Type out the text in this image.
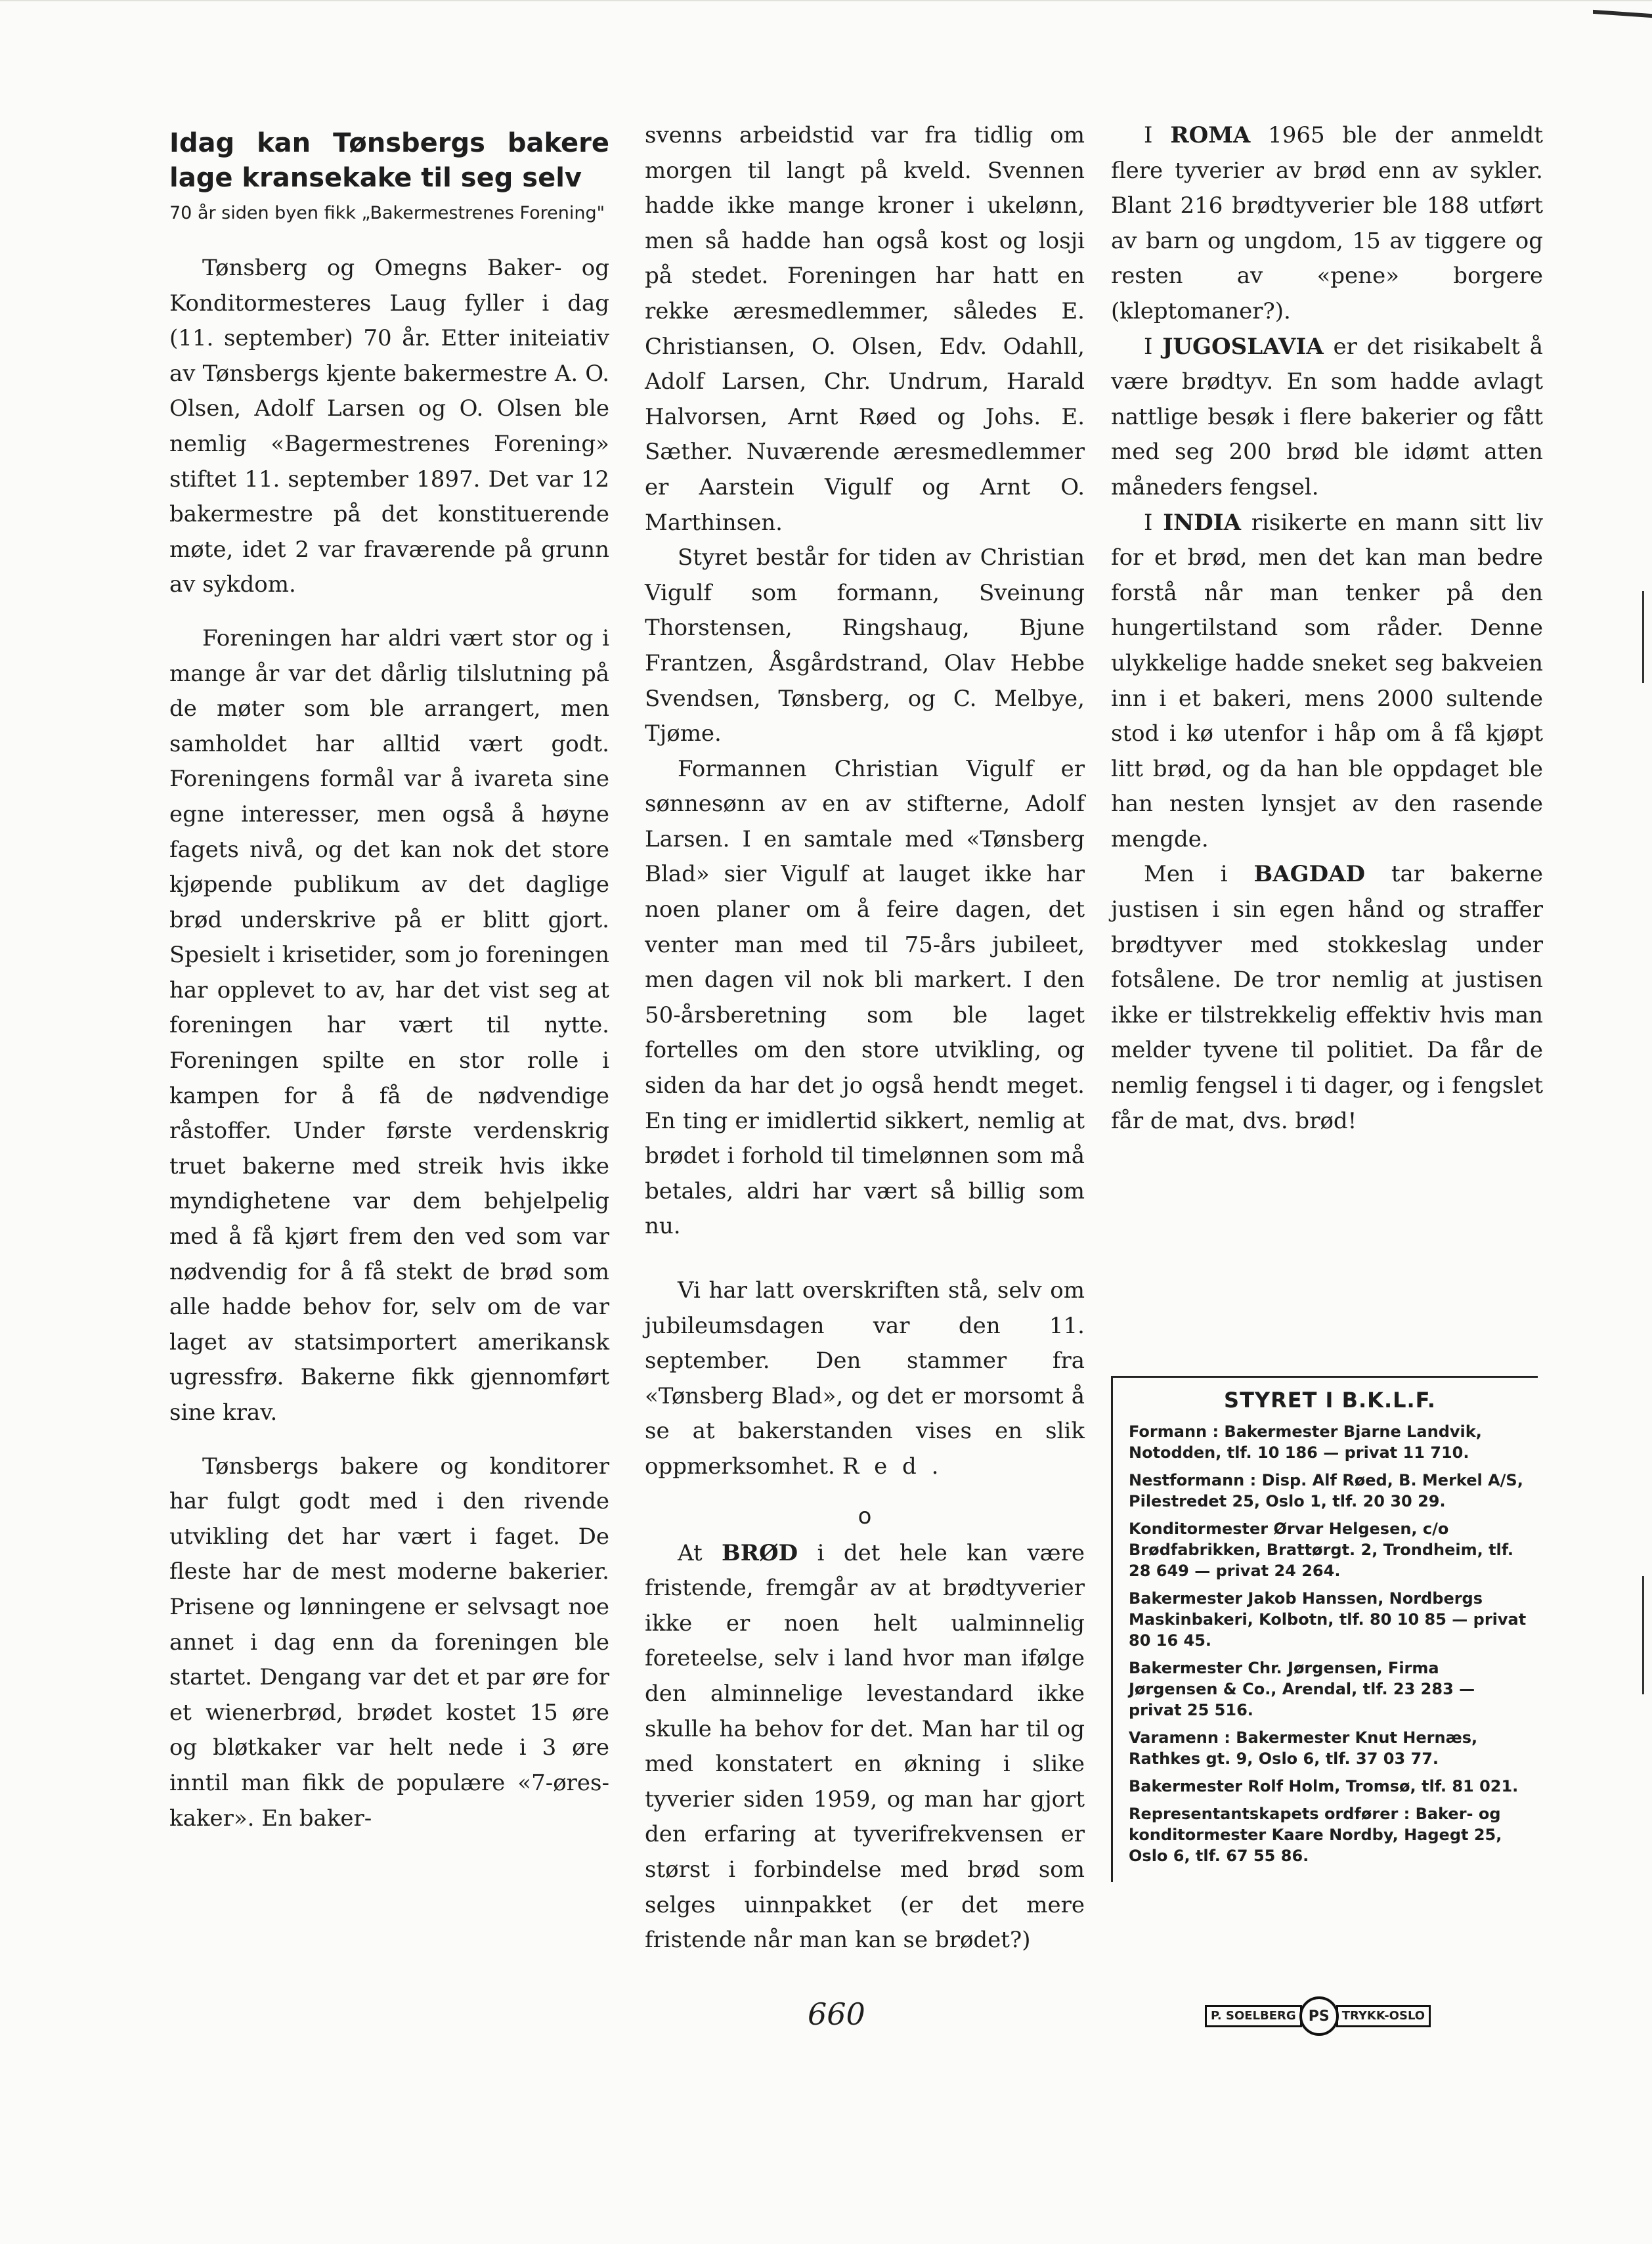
Idag kan Tønsbergs bakere lage kransekake til seg selv
70 år siden byen fikk „Bakermestrenes Forening"

Tønsberg og Omegns Baker- og Konditormesteres Laug fyller i dag (11. september) 70 år. Etter initeiativ av Tønsbergs kjente bakermestre A. O. Olsen, Adolf Larsen og O. Olsen ble nemlig «Bagermestrenes Forening» stiftet 11. september 1897. Det var 12 bakermestre på det konstituerende møte, idet 2 var fraværende på grunn av sykdom.

Foreningen har aldri vært stor og i mange år var det dårlig tilslutning på de møter som ble arrangert, men samholdet har alltid vært godt. Foreningens formål var å ivareta sine egne interesser, men også å høyne fagets nivå, og det kan nok det store kjøpende publikum av det daglige brød underskrive på er blitt gjort. Spesielt i krisetider, som jo foreningen har opplevet to av, har det vist seg at foreningen har vært til nytte. Foreningen spilte en stor rolle i kampen for å få de nødvendige råstoffer. Under første verdenskrig truet bakerne med streik hvis ikke myndighetene var dem behjelpelig med å få kjørt frem den ved som var nødvendig for å få stekt de brød som alle hadde behov for, selv om de var laget av statsimportert amerikansk ugressfrø. Bakerne fikk gjennomført sine krav.

Tønsbergs bakere og konditorer har fulgt godt med i den rivende utvikling det har vært i faget. De fleste har de mest moderne bakerier. Prisene og lønningene er selvsagt noe annet i dag enn da foreningen ble startet. Dengang var det et par øre for et wienerbrød, brødet kostet 15 øre og bløtkaker var helt nede i 3 øre inntil man fikk de populære «7-øres-kaker». En baker-

svenns arbeidstid var fra tidlig om morgen til langt på kveld. Svennen hadde ikke mange kroner i ukelønn, men så hadde han også kost og losji på stedet. Foreningen har hatt en rekke æresmedlemmer, således E. Christiansen, O. Olsen, Edv. Odahll, Adolf Larsen, Chr. Undrum, Harald Halvorsen, Arnt Røed og Johs. E. Sæther. Nuværende æresmedlemmer er Aarstein Vigulf og Arnt O. Marthinsen.

Styret består for tiden av Christian Vigulf som formann, Sveinung Thorstensen, Ringshaug, Bjune Frantzen, Åsgårdstrand, Olav Hebbe Svendsen, Tønsberg, og C. Melbye, Tjøme.

Formannen Christian Vigulf er sønnesønn av en av stifterne, Adolf Larsen. I en samtale med «Tønsberg Blad» sier Vigulf at lauget ikke har noen planer om å feire dagen, det venter man med til 75-års jubileet, men dagen vil nok bli markert. I den 50-årsberetning som ble laget fortelles om den store utvikling, og siden da har det jo også hendt meget. En ting er imidlertid sikkert, nemlig at brødet i forhold til timelønnen som må betales, aldri har vært så billig som nu.

Vi har latt overskriften stå, selv om jubileumsdagen var den 11. september. Den stammer fra «Tønsberg Blad», og det er morsomt å se at bakerstanden vises en slik oppmerksomhet. R e d .

o

At BRØD i det hele kan være fristende, fremgår av at brødtyverier ikke er noen helt ualminnelig foreteelse, selv i land hvor man ifølge den alminnelige levestandard ikke skulle ha behov for det. Man har til og med konstatert en økning i slike tyverier siden 1959, og man har gjort den erfaring at tyverifrekvensen er størst i forbindelse med brød som selges uinnpakket (er det mere fristende når man kan se brødet?)

I ROMA 1965 ble der anmeldt flere tyverier av brød enn av sykler. Blant 216 brødtyverier ble 188 utført av barn og ungdom, 15 av tiggere og resten av «pene» borgere (kleptomaner?).

I JUGOSLAVIA er det risikabelt å være brødtyv. En som hadde avlagt nattlige besøk i flere bakerier og fått med seg 200 brød ble idømt atten måneders fengsel.

I INDIA risikerte en mann sitt liv for et brød, men det kan man bedre forstå når man tenker på den hungertilstand som råder. Denne ulykkelige hadde sneket seg bakveien inn i et bakeri, mens 2000 sultende stod i kø utenfor i håp om å få kjøpt litt brød, og da han ble oppdaget ble han nesten lynsjet av den rasende mengde.

Men i BAGDAD tar bakerne justisen i sin egen hånd og straffer brødtyver med stokkeslag under fotsålene. De tror nemlig at justisen ikke er tilstrekkelig effektiv hvis man melder tyvene til politiet. Da får de nemlig fengsel i ti dager, og i fengslet får de mat, dvs. brød!

STYRET I B.K.L.F.
Formann : Bakermester Bjarne Landvik, Notodden, tlf. 10 186 — privat 11 710.
Nestformann : Disp. Alf Røed, B. Merkel A/S, Pilestredet 25, Oslo 1, tlf. 20 30 29.
Konditormester Ørvar Helgesen, c/o Brødfabrikken, Brattørgt. 2, Trondheim, tlf. 28 649 — privat 24 264.
Bakermester Jakob Hanssen, Nordbergs Maskinbakeri, Kolbotn, tlf. 80 10 85 — privat 80 16 45.
Bakermester Chr. Jørgensen, Firma Jørgensen & Co., Arendal, tlf. 23 283 — privat 25 516.
Varamenn : Bakermester Knut Hernæs, Rathkes gt. 9, Oslo 6, tlf. 37 03 77.
Bakermester Rolf Holm, Tromsø, tlf. 81 021.
Representantskapets ordfører : Baker- og konditormester Kaare Nordby, Hagegt 25, Oslo 6, tlf. 67 55 86.
660	P. SOELBERG PS	TRYKK-OSLO
